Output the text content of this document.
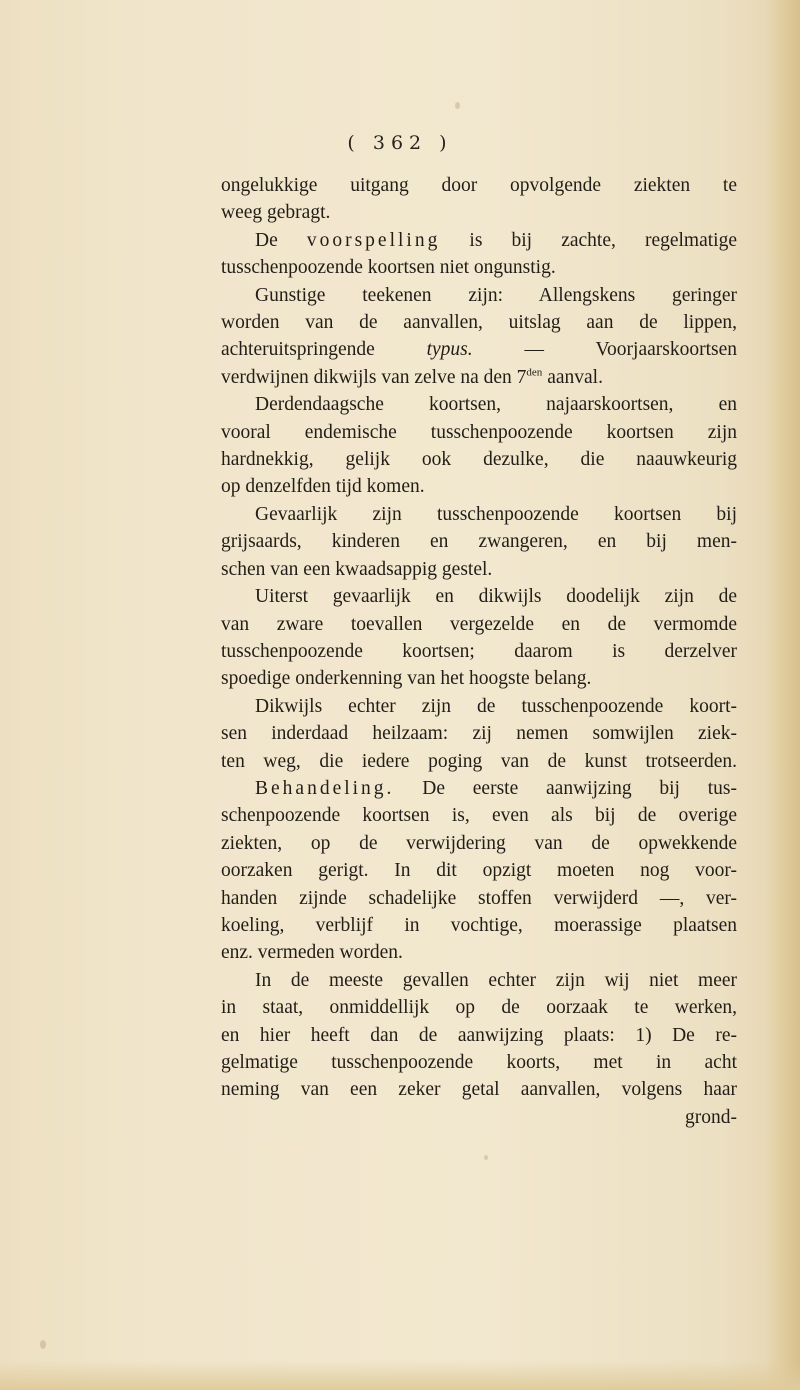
( 362 )
ongelukkige uitgang door opvolgende ziekten te
weeg gebragt.
De voorspelling is bij zachte, regelmatige
tusschenpoozende koortsen niet ongunstig.
Gunstige teekenen zijn: Allengskens geringer
worden van de aanvallen, uitslag aan de lippen,
achteruitspringende typus. — Voorjaarskoortsen
verdwijnen dikwijls van zelve na den $7^{den}$ aanval.
Derdendaagsche koortsen, najaarskoortsen, en
vooral endemische tusschenpoozende koortsen zijn
hardnekkig, gelijk ook dezulke, die naauwkeurig
op denzelfden tijd komen.
Gevaarlijk zijn tusschenpoozende koortsen bij
grijsaards, kinderen en zwangeren, en bij men-
schen van een kwaadsappig gestel.
Uiterst gevaarlijk en dikwijls doodelijk zijn de
van zware toevallen vergezelde en de vermomde
tusschenpoozende koortsen; daarom is derzelver
spoedige onderkenning van het hoogste belang.
Dikwijls echter zijn de tusschenpoozende koort-
sen inderdaad heilzaam: zij nemen somwijlen ziek-
ten weg, die iedere poging van de kunst trotseerden.
Behandeling. De eerste aanwijzing bij tus-
schenpoozende koortsen is, even als bij de overige
ziekten, op de verwijdering van de opwekkende
oorzaken gerigt. In dit opzigt moeten nog voor-
handen zijnde schadelijke stoffen verwijderd —, ver-
koeling, verblijf in vochtige, moerassige plaatsen
enz. vermeden worden.
In de meeste gevallen echter zijn wij niet meer
in staat, onmiddellijk op de oorzaak te werken,
en hier heeft dan de aanwijzing plaats: 1) De re-
gelmatige tusschenpoozende koorts, met in acht
neming van een zeker getal aanvallen, volgens haar
grond-
